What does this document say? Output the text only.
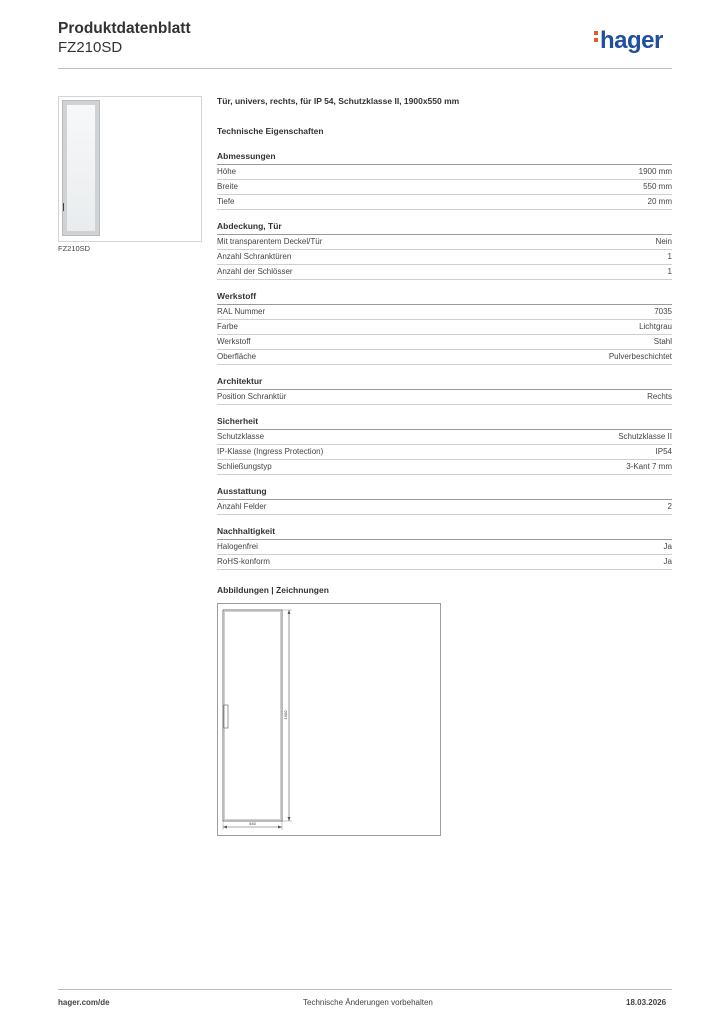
Produktdatenblatt
FZ210SD	hager
FZ210SD
Tür, univers, rechts, für IP 54, Schutzklasse II, 1900x550 mm
Technische Eigenschaften
Abmessungen
Höhe	1900 mm
Breite	550 mm
Tiefe	20 mm
Abdeckung, Tür
Mit transparentem Deckel/Tür	Nein
Anzahl Schranktüren	1
Anzahl der Schlösser	1
Werkstoff
RAL Nummer	7035
Farbe	Lichtgrau
Werkstoff	Stahl
Oberfläche	Pulverbeschichtet
Architektur
Position Schranktür	Rechts
Sicherheit
Schutzklasse	Schutzklasse II
IP-Klasse (Ingress Protection)	IP54
Schließungstyp	3-Kant 7 mm
Ausstattung
Anzahl Felder	2
Nachhaltigkeit
Halogenfrei	Ja
RoHS-konform	Ja
Abbildungen | Zeichnungen
1900
540
hager.com/de	Technische Änderungen vorbehalten	18.03.2026
